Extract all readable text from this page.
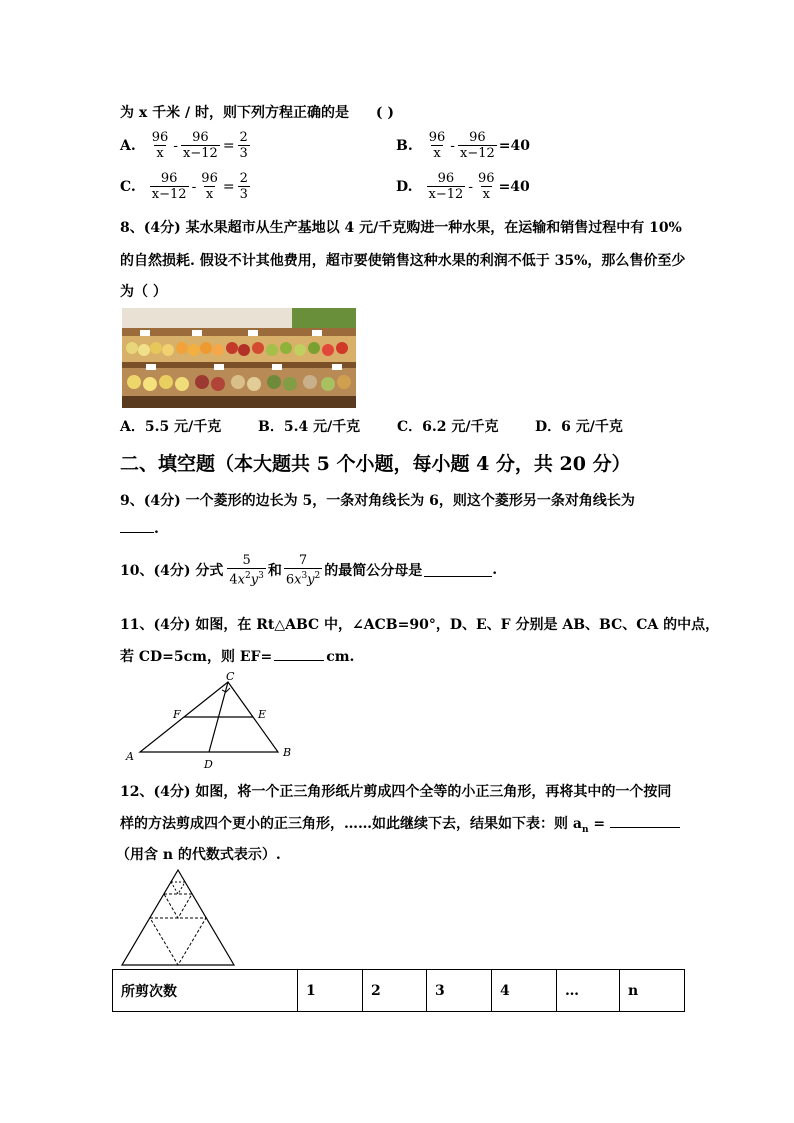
为 x 千米 / 时，则下列方程正确的是 ( )
A. $\frac{96}{x} - \frac{96}{x-12} = \frac{2}{3}$	B. $\frac{96}{x} - \frac{96}{x-12} =40$
C. $\frac{96}{x-12} - \frac{96}{x} = \frac{2}{3}$	D. $\frac{96}{x-12} - \frac{96}{x} =40$
8、(4分) 某水果超市从生产基地以 4 元/千克购进一种水果，在运输和销售过程中有 10%
的自然损耗. 假设不计其他费用，超市要使销售这种水果的利润不低于 35%，那么售价至少
为（ ）
A．5.5 元/千克	B．5.4 元/千克	C．6.2 元/千克	D．6 元/千克
二、填空题（本大题共 5 个小题，每小题 4 分，共 20 分）
9、(4分) 一个菱形的边长为 5，一条对角线长为 6，则这个菱形另一条对角线长为
.
10、(4分) 分式 $\frac{5}{4x^2y^3}$ 和 $\frac{7}{6x^3y^2}$ 的最简公分母是	.
11、(4分) 如图，在 Rt△ABC 中，∠ACB=90°，D、E、F 分别是 AB、BC、CA 的中点，
若 CD=5cm，则 EF=	cm.
C
F	E
A	B
D
12、(4分) 如图，将一个正三角形纸片剪成四个全等的小正三角形，再将其中的一个按同
样的方法剪成四个更小的正三角形，……如此继续下去，结果如下表：则 $a_n$ =
（用含 n 的代数式表示）.
所剪次数	1	2	3	4	…	n
